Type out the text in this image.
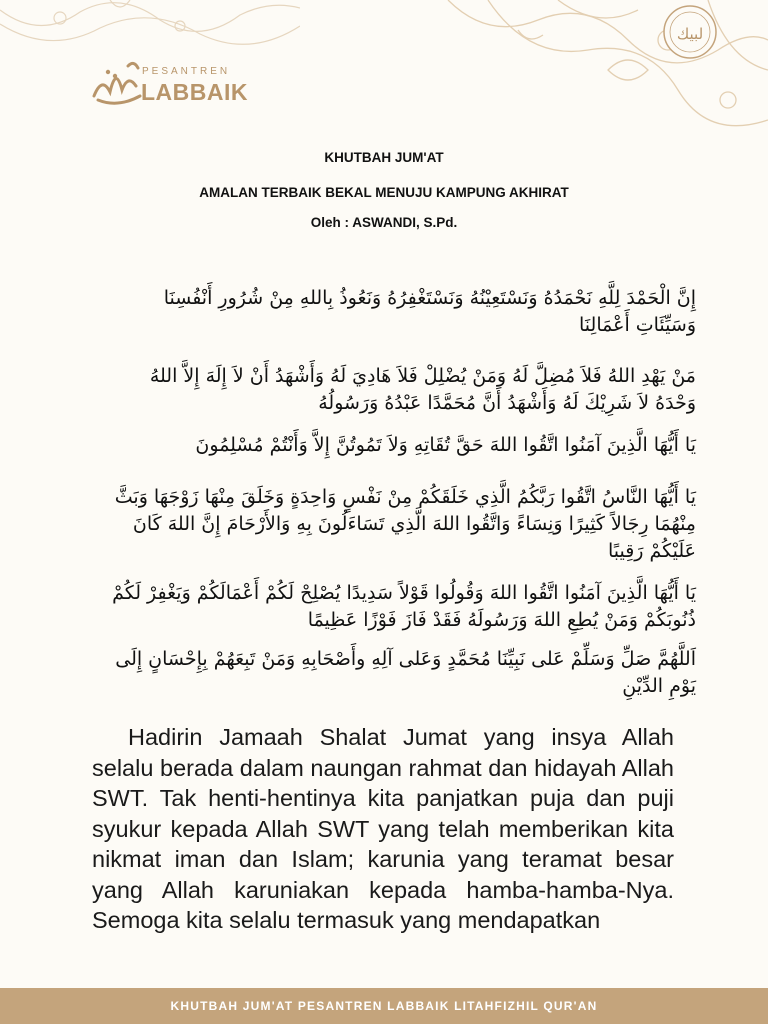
لبيك
PESANTREN
LABBAIK
KHUTBAH JUM'AT
AMALAN TERBAIK BEKAL MENUJU KAMPUNG AKHIRAT
Oleh : ASWANDI, S.Pd.
إِنَّ الْحَمْدَ لِلَّهِ نَحْمَدُهُ وَنَسْتَعِيْنُهُ وَنَسْتَغْفِرُهُ وَنَعُوذُ بِاللهِ مِنْ شُرُورِ أَنْفُسِنَا وَسَيِّئَاتِ أَعْمَالِنَا
مَنْ يَهْدِ اللهُ فَلاَ مُضِلَّ لَهُ وَمَنْ يُضْلِلْ فَلاَ هَادِيَ لَهُ وَأَشْهَدُ أَنْ لاَ إِلَهَ إِلاَّ اللهُ وَحْدَهُ لاَ شَرِيْكَ لَهُ وَأَشْهَدُ أَنَّ مُحَمَّدًا عَبْدُهُ وَرَسُولُهُ
يَا أَيُّهَا الَّذِينَ آمَنُوا اتَّقُوا اللهَ حَقَّ تُقَاتِهِ وَلاَ تَمُوتُنَّ إِلاَّ وَأَنْتُمْ مُسْلِمُونَ
يَا أَيُّهَا النَّاسُ اتَّقُوا رَبَّكُمُ الَّذِي خَلَقَكُمْ مِنْ نَفْسٍ وَاحِدَةٍ وَخَلَقَ مِنْهَا زَوْجَهَا وَبَثَّ مِنْهُمَا رِجَالاً كَثِيرًا وَنِسَاءً وَاتَّقُوا اللهَ الَّذِي تَسَاءَلُونَ بِهِ وَالأَرْحَامَ إِنَّ اللهَ كَانَ عَلَيْكُمْ رَقِيبًا
يَا أَيُّهَا الَّذِينَ آمَنُوا اتَّقُوا اللهَ وَقُولُوا قَوْلاً سَدِيدًا يُصْلِحْ لَكُمْ أَعْمَالَكُمْ وَيَغْفِرْ لَكُمْ ذُنُوبَكُمْ وَمَنْ يُطِعِ اللهَ وَرَسُولَهُ فَقَدْ فَازَ فَوْزًا عَظِيمًا
اَللَّهُمَّ صَلِّ وَسَلِّمْ عَلى نَبِيِّنَا مُحَمَّدٍ وَعَلى آلِهِ وأَصْحَابِهِ وَمَنْ تَبِعَهُمْ بِإِحْسَانٍ إِلَى يَوْمِ الدِّيْنِ

Hadirin Jamaah Shalat Jumat yang insya Allah selalu berada dalam naungan rahmat dan hidayah Allah SWT. Tak henti-hentinya kita panjatkan puja dan puji syukur kepada Allah SWT yang telah memberikan kita nikmat iman dan Islam; karunia yang teramat besar yang Allah karuniakan kepada hamba-hamba-Nya. Semoga kita selalu termasuk yang mendapatkan

KHUTBAH JUM'AT PESANTREN LABBAIK LITAHFIZHIL QUR'AN
